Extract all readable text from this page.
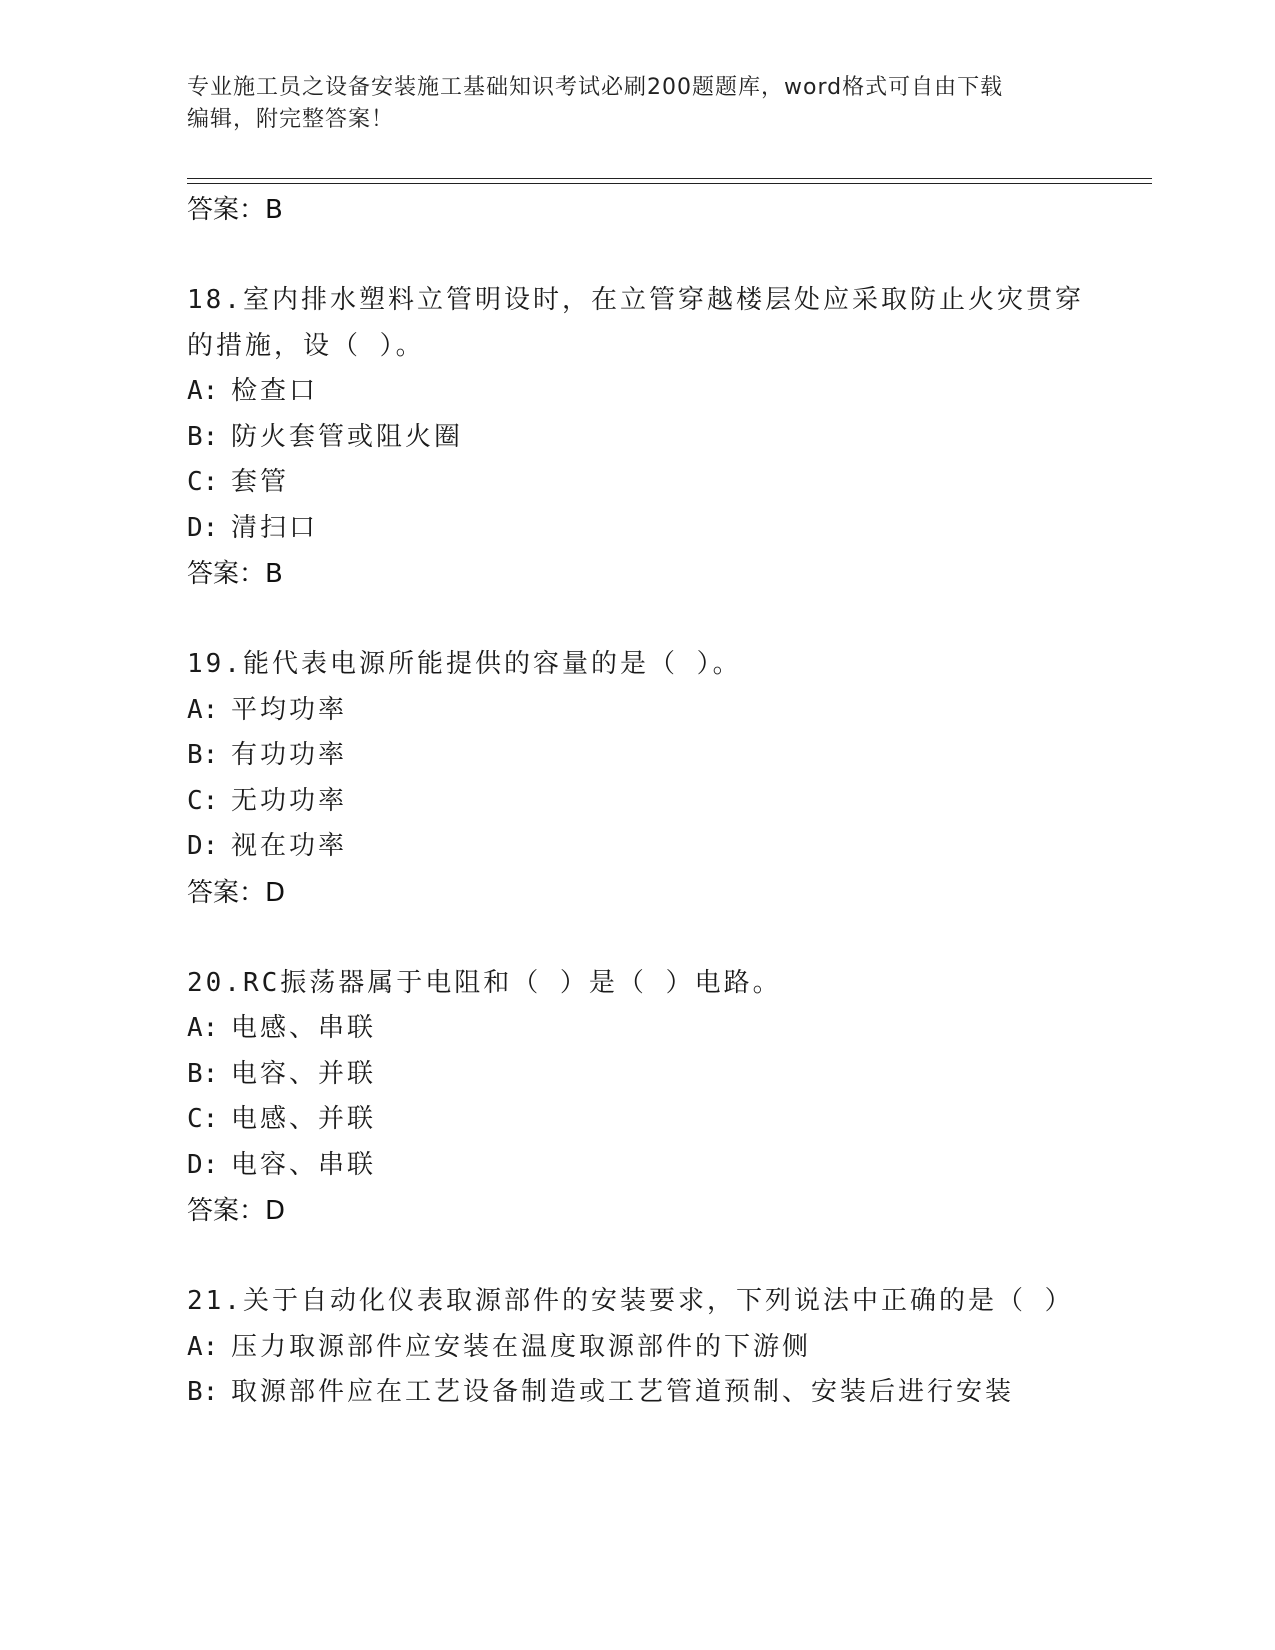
专业施工员之设备安装施工基础知识考试必刷200题题库，word格式可自由下载
编辑，附完整答案！
答案：B
18.室内排水塑料立管明设时，在立管穿越楼层处应采取防止火灾贯穿
的措施，设（ ）。
A: 检查口
B: 防火套管或阻火圈
C: 套管
D: 清扫口
答案：B
19.能代表电源所能提供的容量的是（ ）。
A: 平均功率
B: 有功功率
C: 无功功率
D: 视在功率
答案：D
20.RC振荡器属于电阻和（ ）是（ ）电路。
A: 电感、串联
B: 电容、并联
C: 电感、并联
D: 电容、串联
答案：D
21.关于自动化仪表取源部件的安装要求，下列说法中正确的是（ ）
A: 压力取源部件应安装在温度取源部件的下游侧
B: 取源部件应在工艺设备制造或工艺管道预制、安装后进行安装
